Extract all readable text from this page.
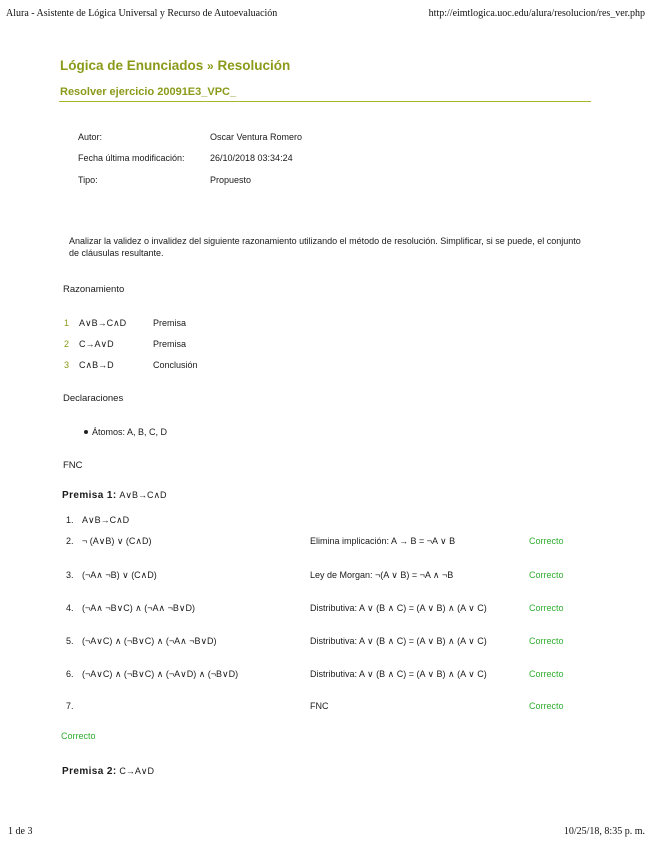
Alura - Asistente de Lógica Universal y Recurso de Autoevaluación	http://eimtlogica.uoc.edu/alura/resolucion/res_ver.php
Lógica de Enunciados » Resolución
Resolver ejercicio 20091E3_VPC_
Autor:	Oscar Ventura Romero
Fecha última modificación:	26/10/2018 03:34:24
Tipo:	Propuesto
Analizar la validez o invalidez del siguiente razonamiento utilizando el método de resolución. Simplificar, si se puede, el conjunto de cláusulas resultante.
Razonamiento
1 A∨B→C∧D	Premisa
2 C→A∨D	Premisa
3 C∧B→D	Conclusión
Declaraciones
Átomos: A, B, C, D
FNC
Premisa 1: A∨B→C∧D
1. A∨B→C∧D
2. ¬ (A∨B) ∨ (C∧D)	Elimina implicación: A → B = ¬A ∨ B	Correcto
3. (¬A∧ ¬B) ∨ (C∧D)	Ley de Morgan: ¬(A ∨ B) = ¬A ∧ ¬B	Correcto
4. (¬A∧ ¬B∨C) ∧ (¬A∧ ¬B∨D)	Distributiva: A ∨ (B ∧ C) = (A ∨ B) ∧ (A ∨ C)	Correcto
5. (¬A∨C) ∧ (¬B∨C) ∧ (¬A∧ ¬B∨D)	Distributiva: A ∨ (B ∧ C) = (A ∨ B) ∧ (A ∨ C)	Correcto
6. (¬A∨C) ∧ (¬B∨C) ∧ (¬A∨D) ∧ (¬B∨D)	Distributiva: A ∨ (B ∧ C) = (A ∨ B) ∧ (A ∨ C)	Correcto
7.	FNC	Correcto
Correcto
Premisa 2: C→A∨D
1 de 3	10/25/18, 8:35 p. m.
